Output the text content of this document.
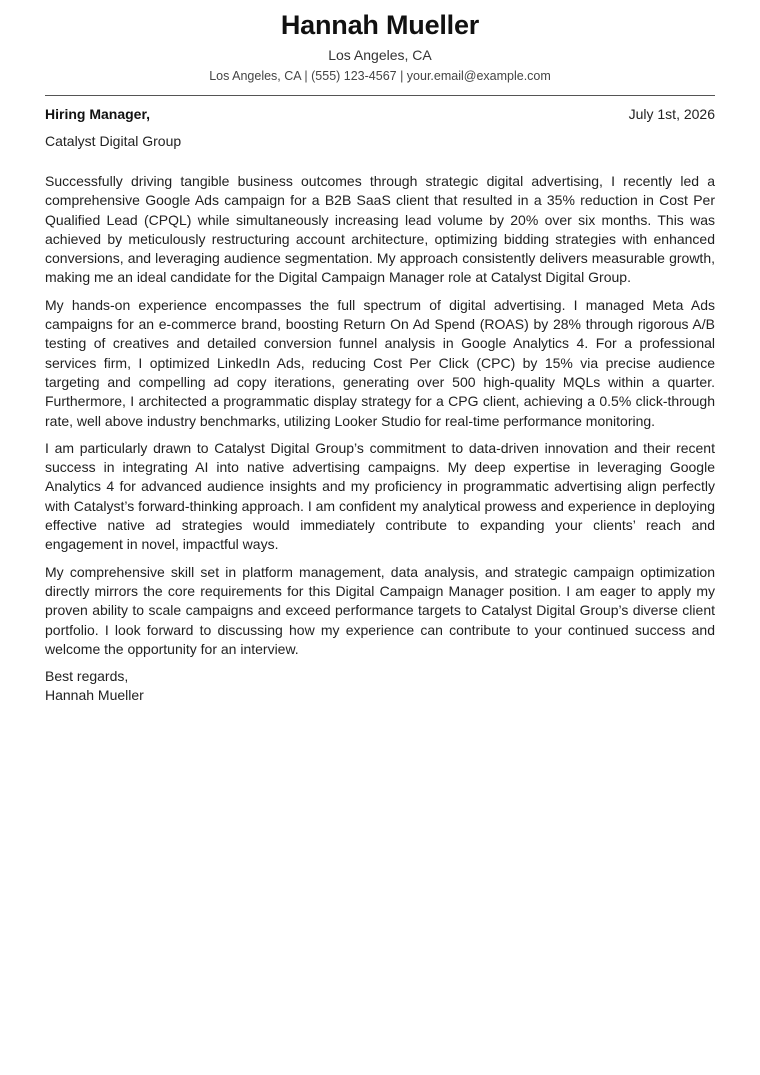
Hannah Mueller
Los Angeles, CA
Los Angeles, CA | (555) 123-4567 | your.email@example.com
Hiring Manager,	July 1st, 2026
Catalyst Digital Group

Successfully driving tangible business outcomes through strategic digital advertising, I recently led a comprehensive Google Ads campaign for a B2B SaaS client that resulted in a 35% reduction in Cost Per Qualified Lead (CPQL) while simultaneously increasing lead volume by 20% over six months. This was achieved by meticulously restructuring account architecture, optimizing bidding strategies with enhanced conversions, and leveraging audience segmentation. My approach consistently delivers measurable growth, making me an ideal candidate for the Digital Campaign Manager role at Catalyst Digital Group.

My hands-on experience encompasses the full spectrum of digital advertising. I managed Meta Ads campaigns for an e-commerce brand, boosting Return On Ad Spend (ROAS) by 28% through rigorous A/B testing of creatives and detailed conversion funnel analysis in Google Analytics 4. For a professional services firm, I optimized LinkedIn Ads, reducing Cost Per Click (CPC) by 15% via precise audience targeting and compelling ad copy iterations, generating over 500 high-quality MQLs within a quarter. Furthermore, I architected a programmatic display strategy for a CPG client, achieving a 0.5% click-through rate, well above industry benchmarks, utilizing Looker Studio for real-time performance monitoring.

I am particularly drawn to Catalyst Digital Group’s commitment to data-driven innovation and their recent success in integrating AI into native advertising campaigns. My deep expertise in leveraging Google Analytics 4 for advanced audience insights and my proficiency in programmatic advertising align perfectly with Catalyst’s forward-thinking approach. I am confident my analytical prowess and experience in deploying effective native ad strategies would immediately contribute to expanding your clients’ reach and engagement in novel, impactful ways.

My comprehensive skill set in platform management, data analysis, and strategic campaign optimization directly mirrors the core requirements for this Digital Campaign Manager position. I am eager to apply my proven ability to scale campaigns and exceed performance targets to Catalyst Digital Group’s diverse client portfolio. I look forward to discussing how my experience can contribute to your continued success and welcome the opportunity for an interview.

Best regards,
Hannah Mueller
